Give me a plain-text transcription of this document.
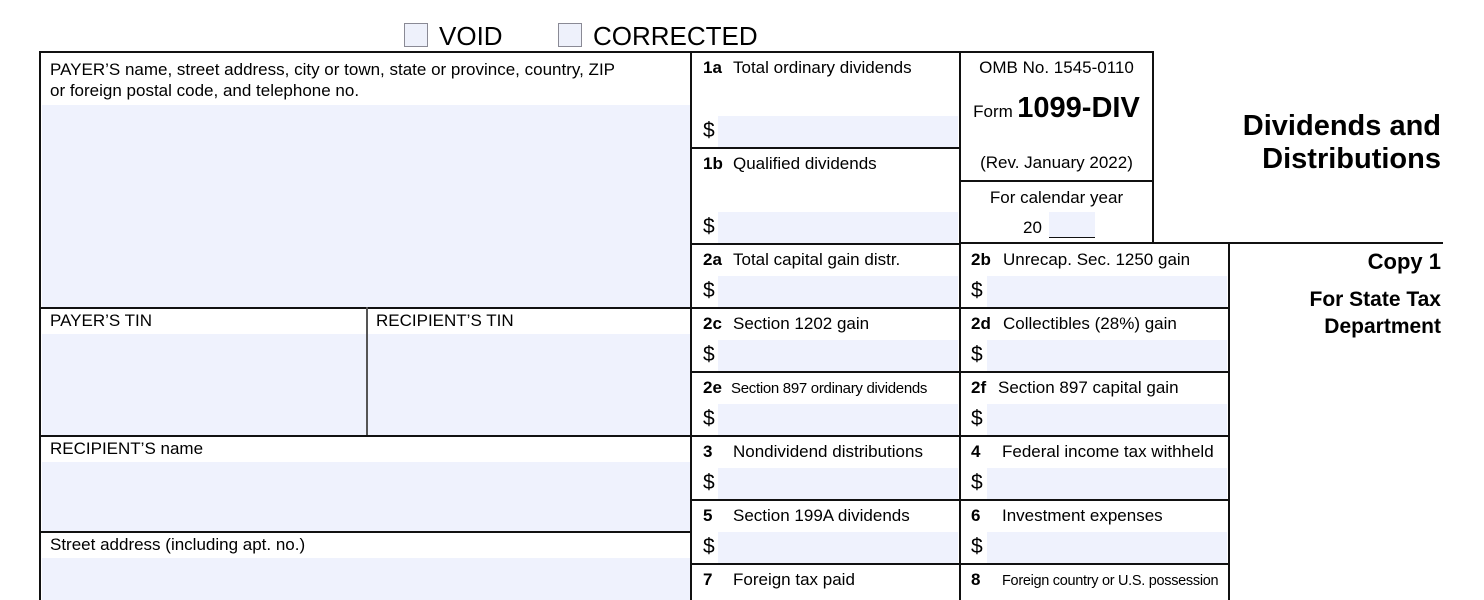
VOID	CORRECTED
PAYER’S name, street address, city or town, state or province, country, ZIP
or foreign postal code, and telephone no.
PAYER’S TIN	RECIPIENT’S TIN
RECIPIENT’S name
Street address (including apt. no.)
1a Total ordinary dividends
$
1b Qualified dividends
$
2a Total capital gain distr.
$
2c Section 1202 gain
$
2e Section 897 ordinary dividends
$
3 Nondividend distributions
$
5 Section 199A dividends
$
7 Foreign tax paid
OMB No. 1545-0110
Form 1099-DIV
(Rev. January 2022)
For calendar year
20
2b Unrecap. Sec. 1250 gain
$
2d Collectibles (28%) gain
$
2f Section 897 capital gain
$
4 Federal income tax withheld
$
6 Investment expenses
$
8 Foreign country or U.S. possession
Dividends and
Distributions
Copy 1
For State Tax
Department
